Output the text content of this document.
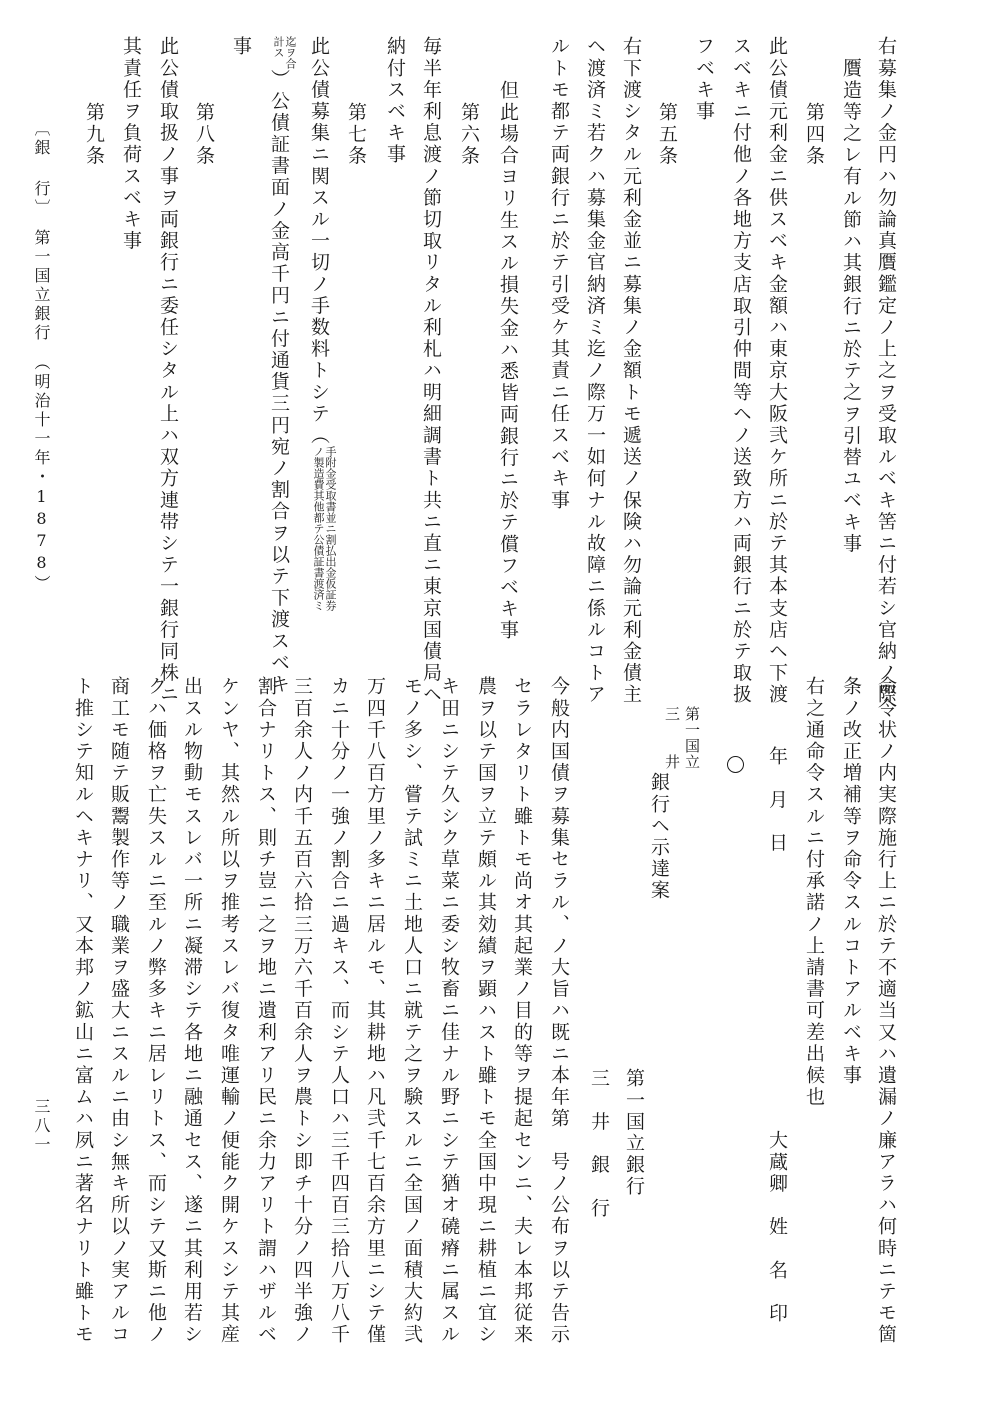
〔銀 行〕　第一国立銀行　（明治十一年・1878）
三八一
右募集ノ金円ハ勿論真贋鑑定ノ上之ヲ受取ルベキ筈ニ付若シ官納ノ際
贋造等之レ有ル節ハ其銀行ニ於テ之ヲ引替ユベキ事
第四条
此公債元利金ニ供スベキ金額ハ東京大阪弐ケ所ニ於テ其本支店ヘ下渡
スベキニ付他ノ各地方支店取引仲間等ヘノ送致方ハ両銀行ニ於テ取扱
フベキ事
第五条
右下渡シタル元利金並ニ募集ノ金額トモ遞送ノ保険ハ勿論元利金債主
ヘ渡済ミ若クハ募集金官納済ミ迄ノ際万一如何ナル故障ニ係ルコトア
ルトモ都テ両銀行ニ於テ引受ケ其責ニ任スベキ事
第六条 但此場合ヨリ生スル損失金ハ悉皆両銀行ニ於テ償フベキ事
毎半年利息渡ノ節切取リタル利札ハ明細調書ト共ニ直ニ東京国債局ヘ
納付スベキ事
第七条
此公債募集ニ関スル一切ノ手数料トシテ（
手附金受取書並ニ割払出金仮証券
ノ製造費其他都テ公債証書渡済ミ
迄ヲ合
計ス
）公債証書面ノ金高千円ニ付通貨三円宛ノ割合ヲ以テ下渡スベキ
事
第八条
此公債取扱ノ事ヲ両銀行ニ委任シタル上ハ双方連帯シテ一銀行同株ニ
其責任ヲ負荷スベキ事
第九条
命令状ノ内実際施行上ニ於テ不適当又ハ遺漏ノ廉アラハ何時ニテモ箇
条ノ改正増補等ヲ命令スルコトアルベキ事
右之通命令スルニ付承諾ノ上請書可差出候也
大蔵卿　姓　名　印
年　月　日
第一国立
三　　井
銀行ヘ示達案
第一国立銀行
三　井　銀　行
今般内国債ヲ募集セラル、ノ大旨ハ既ニ本年第　号ノ公布ヲ以テ告示
セラレタリト雖トモ尚オ其起業ノ目的等ヲ提起センニ、夫レ本邦従来
農ヲ以テ国ヲ立テ頗ル其効績ヲ顕ハスト雖トモ全国中現ニ耕植ニ宜シ
キ田ニシテ久シク草菜ニ委シ牧畜ニ佳ナル野ニシテ猶オ磽瘠ニ属スル
モノ多シ、嘗テ試ミニ土地人口ニ就テ之ヲ験スルニ全国ノ面積大約弐
万四千八百方里ノ多キニ居ルモ、其耕地ハ凡弐千七百余方里ニシテ僅
カニ十分ノ一強ノ割合ニ過キス、而シテ人口ハ三千四百三拾八万八千
三百余人ノ内千五百六拾三万六千百余人ヲ農トシ即チ十分ノ四半強ノ
割合ナリトス、則チ豈ニ之ヲ地ニ遺利アリ民ニ余力アリト謂ハザルベ
ケンヤ、其然ル所以ヲ推考スレバ復タ唯運輸ノ便能ク開ケスシテ其産
出スル物動モスレバ一所ニ凝滞シテ各地ニ融通セス、遂ニ其利用若シ
クハ価格ヲ亡失スルニ至ルノ弊多キニ居レリトス、而シテ又斯ニ他ノ
商工モ随テ販鬻製作等ノ職業ヲ盛大ニスルニ由シ無キ所以ノ実アルコ
ト推シテ知ルヘキナリ、又本邦ノ鉱山ニ富ムハ夙ニ著名ナリト雖トモ
